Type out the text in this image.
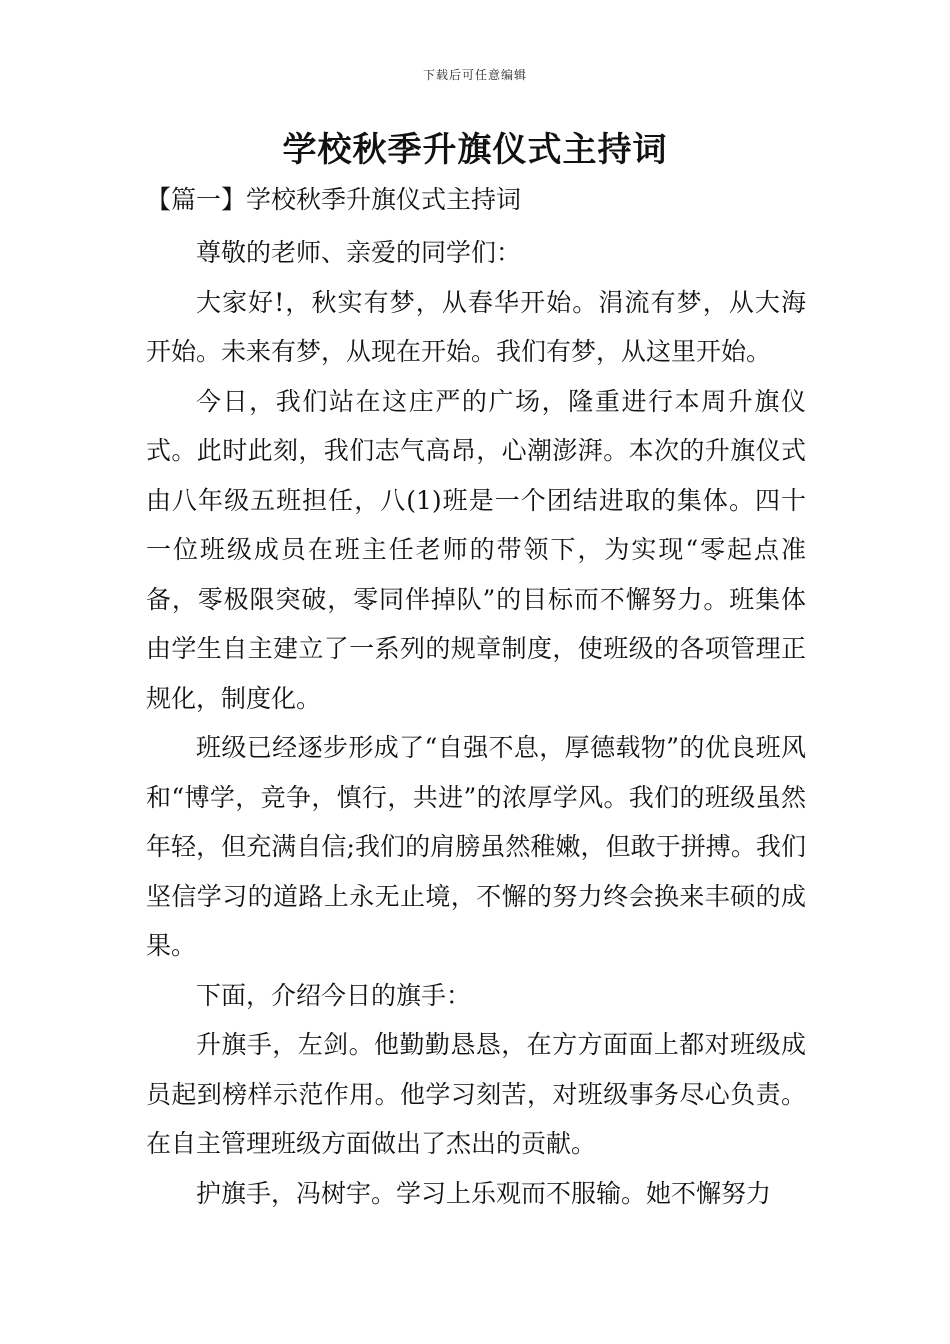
下载后可任意编辑
学校秋季升旗仪式主持词

【篇一】学校秋季升旗仪式主持词

尊敬的老师、亲爱的同学们：

大家好!，秋实有梦，从春华开始。涓流有梦，从大海开始。未来有梦，从现在开始。我们有梦，从这里开始。

今日，我们站在这庄严的广场，隆重进行本周升旗仪式。此时此刻，我们志气高昂，心潮澎湃。本次的升旗仪式由八年级五班担任，八(1)班是一个团结进取的集体。四十一位班级成员在班主任老师的带领下，为实现“零起点准备，零极限突破，零同伴掉队”的目标而不懈努力。班集体由学生自主建立了一系列的规章制度，使班级的各项管理正规化，制度化。

班级已经逐步形成了“自强不息，厚德载物”的优良班风和“博学，竞争，慎行，共进”的浓厚学风。我们的班级虽然年轻，但充满自信;我们的肩膀虽然稚嫩，但敢于拼搏。我们坚信学习的道路上永无止境，不懈的努力终会换来丰硕的成果。

下面，介绍今日的旗手：

升旗手，左剑。他勤勤恳恳，在方方面面上都对班级成员起到榜样示范作用。他学习刻苦，对班级事务尽心负责。在自主管理班级方面做出了杰出的贡献。

护旗手，冯树宇。学习上乐观而不服输。她不懈努力
